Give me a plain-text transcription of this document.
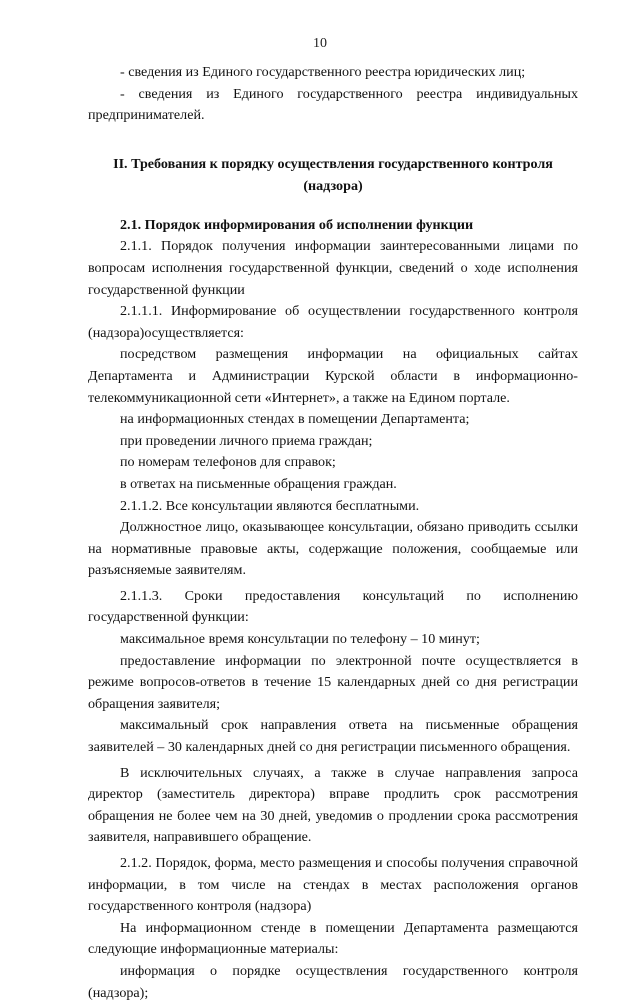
10

- сведения из Единого государственного реестра юридических лиц;

- сведения из Единого государственного реестра индивидуальных предпринимателей.

II. Требования к порядку осуществления государственного контроля (надзора)

2.1. Порядок информирования об исполнении функции

2.1.1. Порядок получения информации заинтересованными лицами по вопросам исполнения государственной функции, сведений о ходе исполнения государственной функции

2.1.1.1. Информирование об осуществлении государственного контроля (надзора)осуществляется:

посредством размещения информации на официальных сайтах Департамента и Администрации Курской области в информационно-телекоммуникационной сети «Интернет», а также на Едином портале.

на информационных стендах в помещении Департамента;

при проведении личного приема граждан;

по номерам телефонов для справок;

в ответах на письменные обращения граждан.

2.1.1.2. Все консультации являются бесплатными.

Должностное лицо, оказывающее консультации, обязано приводить ссылки на нормативные правовые акты, содержащие положения, сообщаемые или разъясняемые заявителям.

2.1.1.3. Сроки предоставления консультаций по исполнению государственной функции:

максимальное время консультации по телефону – 10 минут;

предоставление информации по электронной почте осуществляется в режиме вопросов-ответов в течение 15 календарных дней со дня регистрации обращения заявителя;

максимальный срок направления ответа на письменные обращения заявителей – 30 календарных дней со дня регистрации письменного обращения.

В исключительных случаях, а также в случае направления запроса директор (заместитель директора) вправе продлить срок рассмотрения обращения не более чем на 30 дней, уведомив о продлении срока рассмотрения заявителя, направившего обращение.

2.1.2. Порядок, форма, место размещения и способы получения справочной информации, в том числе на стендах в местах расположения органов государственного контроля (надзора)

На информационном стенде в помещении Департамента размещаются следующие информационные материалы:

информация о порядке осуществления государственного контроля (надзора);
